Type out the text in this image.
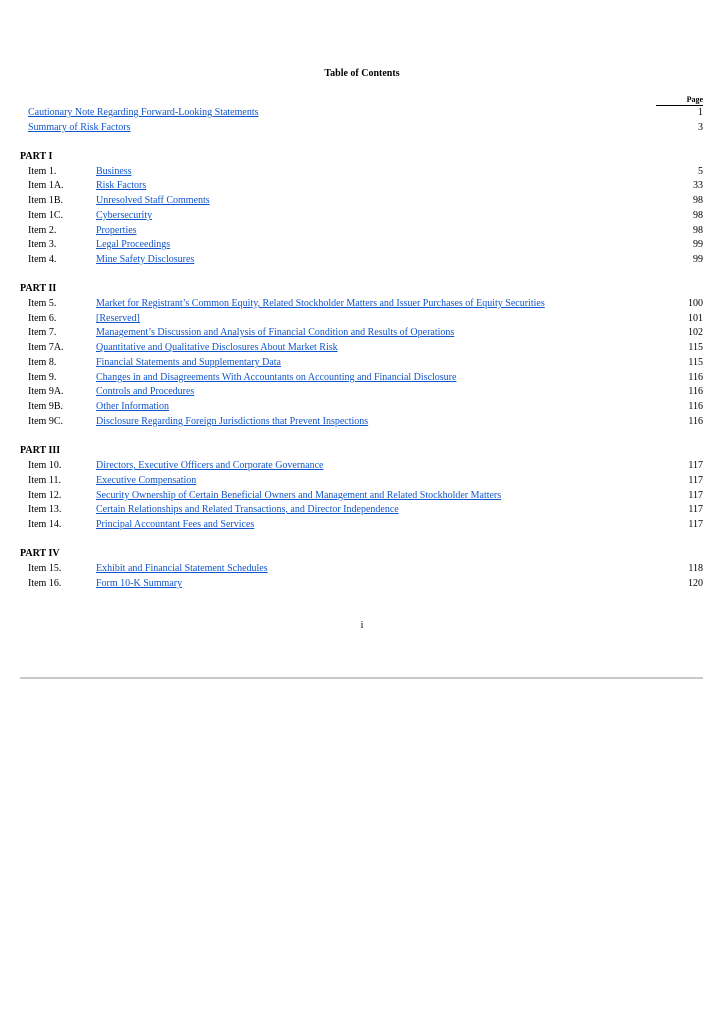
Table of Contents
Page
Cautionary Note Regarding Forward-Looking Statements	1
Summary of Risk Factors	3
PART I
Item 1.	Business	5
Item 1A.	Risk Factors	33
Item 1B.	Unresolved Staff Comments	98
Item 1C.	Cybersecurity	98
Item 2.	Properties	98
Item 3.	Legal Proceedings	99
Item 4.	Mine Safety Disclosures	99
PART II
Item 5.	Market for Registrant’s Common Equity, Related Stockholder Matters and Issuer Purchases of Equity Securities	100
Item 6.	[Reserved]	101
Item 7.	Management’s Discussion and Analysis of Financial Condition and Results of Operations	102
Item 7A.	Quantitative and Qualitative Disclosures About Market Risk	115
Item 8.	Financial Statements and Supplementary Data	115
Item 9.	Changes in and Disagreements With Accountants on Accounting and Financial Disclosure	116
Item 9A.	Controls and Procedures	116
Item 9B.	Other Information	116
Item 9C.	Disclosure Regarding Foreign Jurisdictions that Prevent Inspections	116
PART III
Item 10.	Directors, Executive Officers and Corporate Governance	117
Item 11.	Executive Compensation	117
Item 12.	Security Ownership of Certain Beneficial Owners and Management and Related Stockholder Matters	117
Item 13.	Certain Relationships and Related Transactions, and Director Independence	117
Item 14.	Principal Accountant Fees and Services	117
PART IV
Item 15.	Exhibit and Financial Statement Schedules	118
Item 16.	Form 10-K Summary	120
i
